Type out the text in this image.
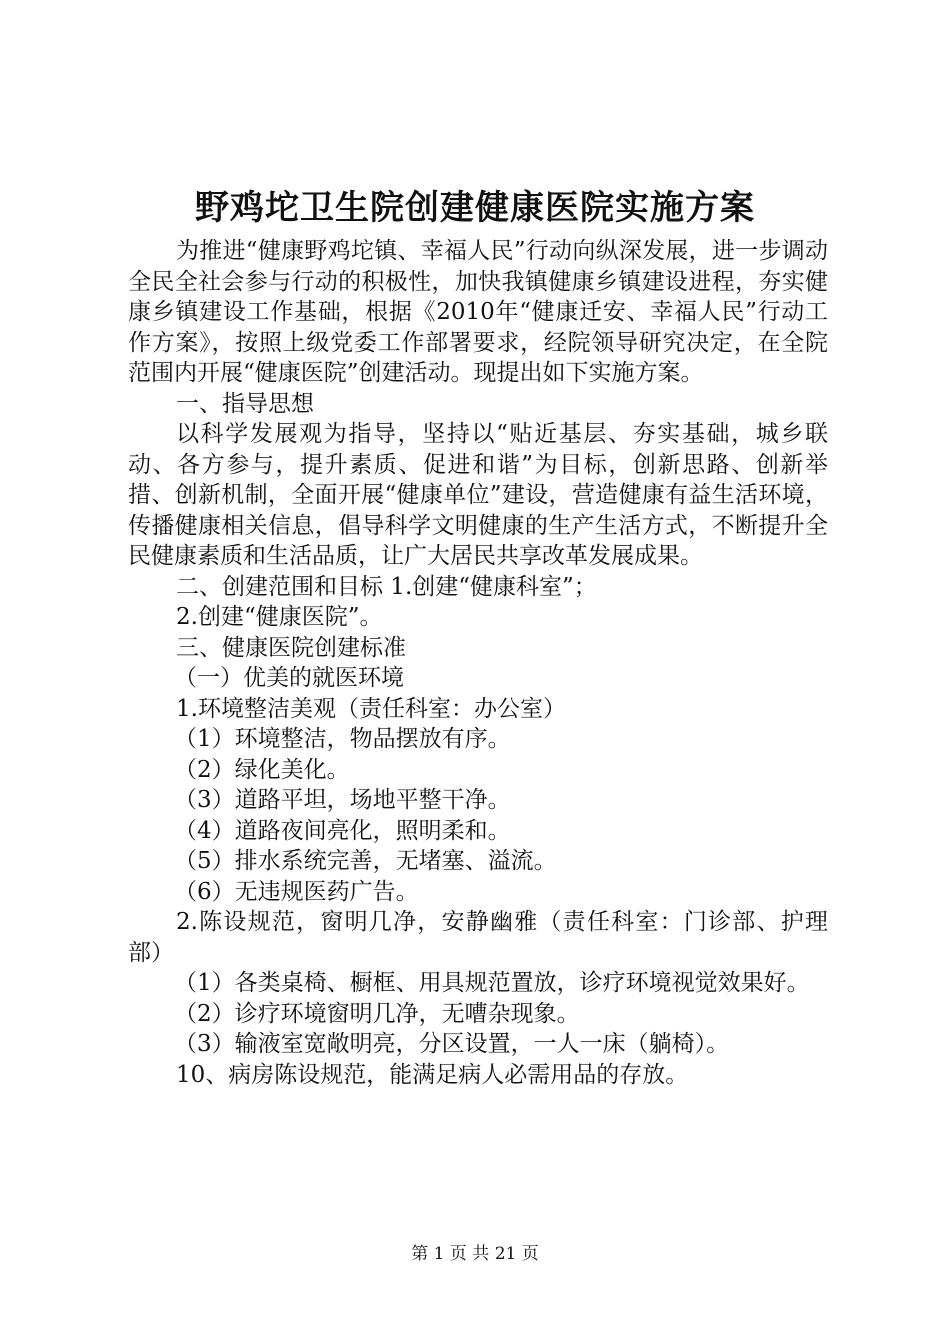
野鸡坨卫生院创建健康医院实施方案

为推进“健康野鸡坨镇、幸福人民”行动向纵深发展，进一步调动全民全社会参与行动的积极性，加快我镇健康乡镇建设进程，夯实健康乡镇建设工作基础，根据《2010年“健康迁安、幸福人民”行动工作方案》，按照上级党委工作部署要求，经院领导研究决定，在全院范围内开展“健康医院”创建活动。现提出如下实施方案。

一、指导思想

以科学发展观为指导，坚持以“贴近基层、夯实基础，城乡联动、各方参与，提升素质、促进和谐”为目标，创新思路、创新举措、创新机制，全面开展“健康单位”建设，营造健康有益生活环境，传播健康相关信息，倡导科学文明健康的生产生活方式，不断提升全民健康素质和生活品质，让广大居民共享改革发展成果。

二、创建范围和目标 1.创建“健康科室”；

2.创建“健康医院”。

三、健康医院创建标准

（一）优美的就医环境

1.环境整洁美观（责任科室：办公室）

（1）环境整洁，物品摆放有序。

（2）绿化美化。

（3）道路平坦，场地平整干净。

（4）道路夜间亮化，照明柔和。

（5）排水系统完善，无堵塞、溢流。

（6）无违规医药广告。

2.陈设规范，窗明几净，安静幽雅（责任科室：门诊部、护理部）

（1）各类桌椅、橱框、用具规范置放，诊疗环境视觉效果好。

（2）诊疗环境窗明几净，无嘈杂现象。

（3）输液室宽敞明亮，分区设置，一人一床（躺椅）。

10、病房陈设规范，能满足病人必需用品的存放。

第 1 页 共 21 页
